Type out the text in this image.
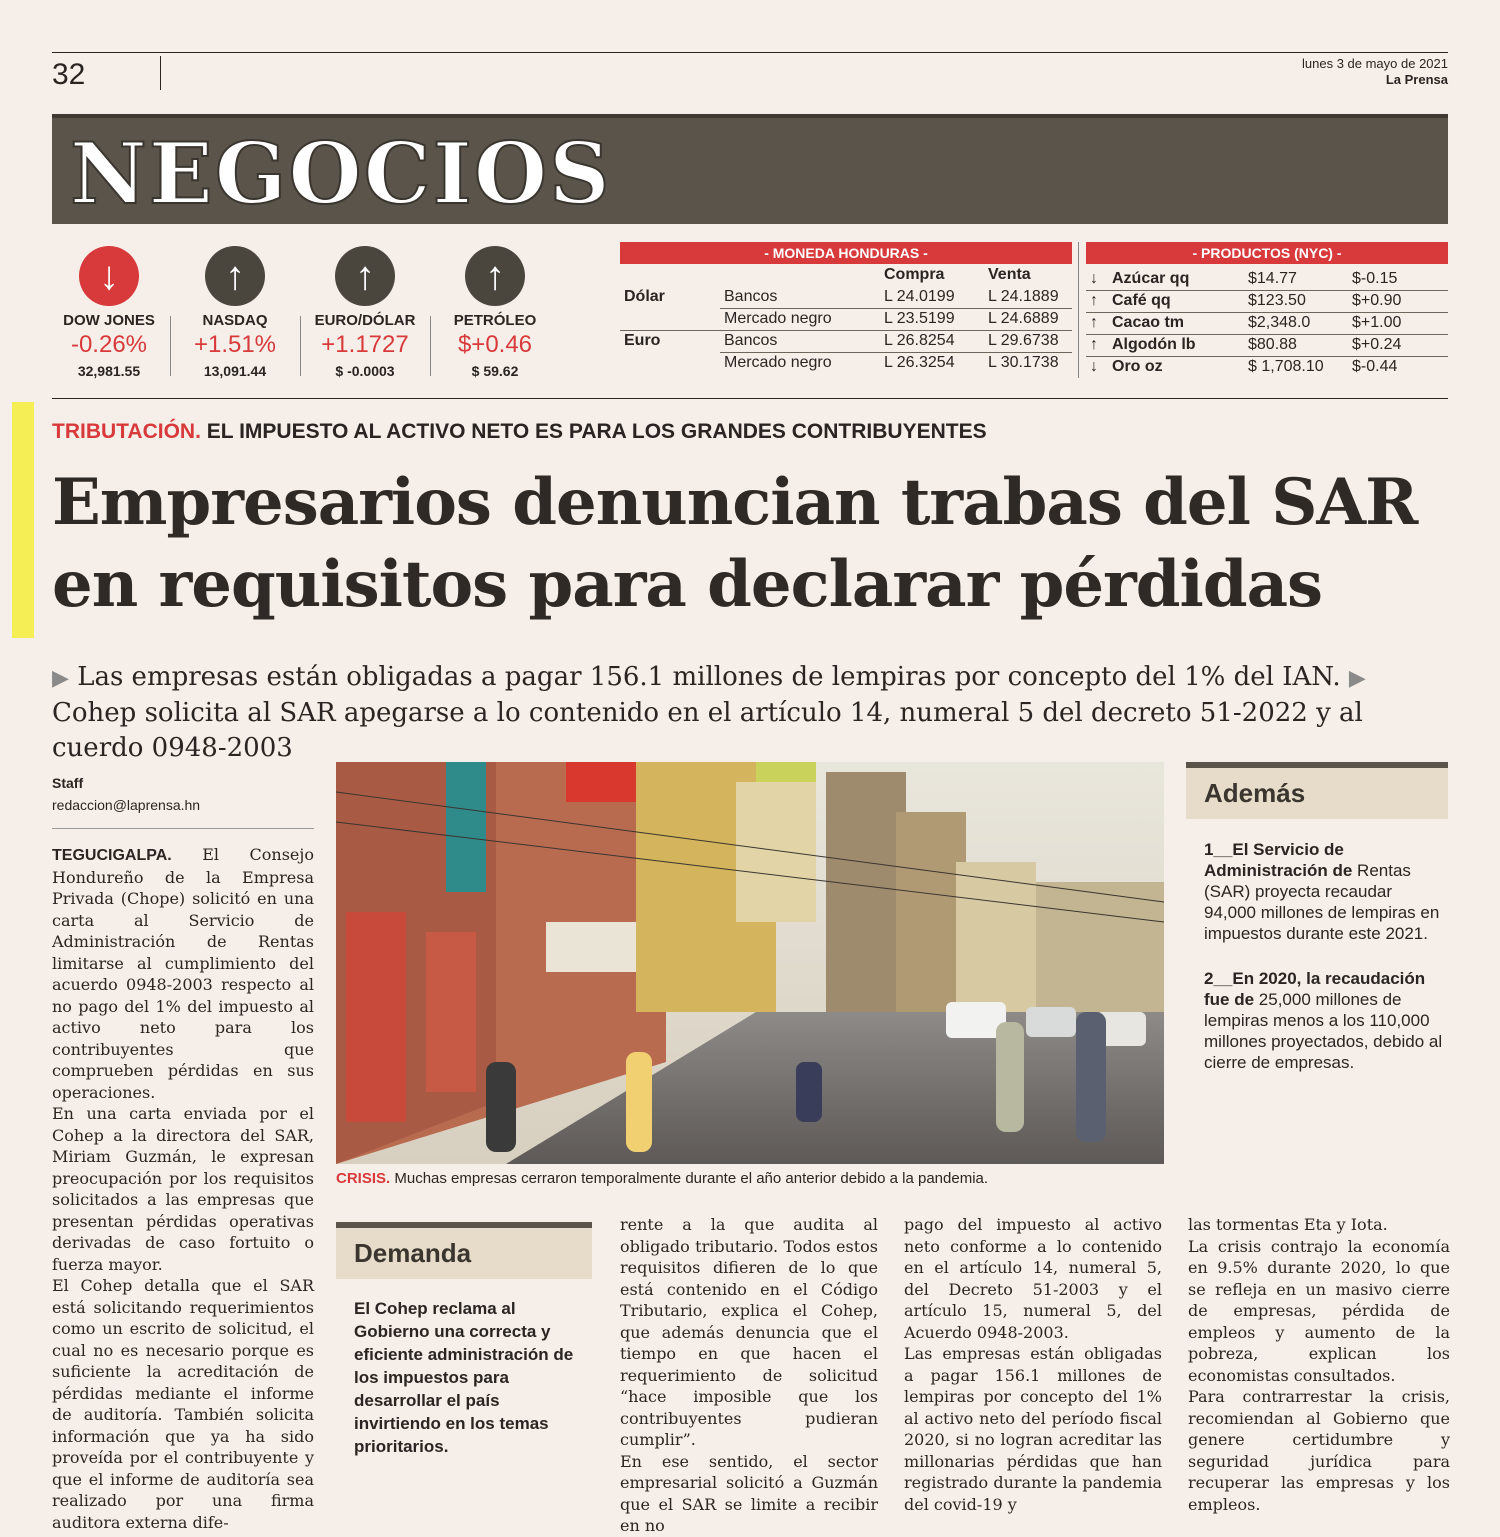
32	lunes 3 de mayo de 2021
La Prensa
NEGOCIOS
↓
DOW JONES
-0.26%
32,981.55
↑
NASDAQ
+1.51%
13,091.44
↑
EURO/DÓLAR
+1.1727
$ -0.0003
↑
PETRÓLEO
$+0.46
$ 59.62
- MONEDA HONDURAS -
		Compra	Venta
Dólar	Bancos	L 24.0199	L 24.1889
	Mercado negro	L 23.5199	L 24.6889
Euro	Bancos	L 26.8254	L 29.6738
	Mercado negro	L 26.3254	L 30.1738
- PRODUCTOS (NYC) -
↓	Azúcar qq	$14.77	$-0.15
↑	Café qq	$123.50	$+0.90
↑	Cacao tm	$2,348.0	$+1.00
↑	Algodón lb	$80.88	$+0.24
↓	Oro oz	$ 1,708.10	$-0.44
TRIBUTACIÓN. EL IMPUESTO AL ACTIVO NETO ES PARA LOS GRANDES CONTRIBUYENTES
Empresarios denuncian trabas del SAR
en requisitos para declarar pérdidas
▶ Las empresas están obligadas a pagar 156.1 millones de lempiras por concepto del 1% del IAN. ▶ Cohep solicita al SAR apegarse a lo contenido en el artículo 14, numeral 5 del decreto 51-2022 y al cuerdo 0948-2003
Staff
redaccion@laprensa.hn

TEGUCIGALPA. El Consejo Hondureño de la Empresa Privada (Chope) solicitó en una carta al Servicio de Administración de Rentas limitarse al cumplimiento del acuerdo 0948-2003 respecto al no pago del 1% del impuesto al activo neto para los contribuyentes que comprueben pérdidas en sus operaciones.

En una carta enviada por el Cohep a la directora del SAR, Miriam Guzmán, le expresan preocupación por los requisitos solicitados a las empresas que presentan pérdidas operativas derivadas de caso fortuito o fuerza mayor.

El Cohep detalla que el SAR está solicitando requerimientos como un escrito de solicitud, el cual no es necesario porque es suficiente la acreditación de pérdidas mediante el informe de auditoría. También solicita información que ya ha sido proveída por el contribuyente y que el informe de auditoría sea realizado por una firma auditora externa dife-

CRISIS. Muchas empresas cerraron temporalmente durante el año anterior debido a la pandemia.
Demanda
El Cohep reclama al Gobierno una correcta y eficiente administración de los impuestos para desarrollar el país invirtiendo en los temas prioritarios.

rente a la que audita al obligado tributario. Todos estos requisitos difieren de lo que está contenido en el Código Tributario, explica el Cohep, que además denuncia que el tiempo en que hacen el requerimiento de solicitud “hace imposible que los contribuyentes pudieran cumplir”.

En ese sentido, el sector empresarial solicitó a Guzmán que el SAR se limite a recibir en no

pago del impuesto al activo neto conforme a lo contenido en el artículo 14, numeral 5, del Decreto 51-2003 y el artículo 15, numeral 5, del Acuerdo 0948-2003.

Las empresas están obligadas a pagar 156.1 millones de lempiras por concepto del 1% al activo neto del período fiscal 2020, si no logran acreditar las millonarias pérdidas que han registrado durante la pandemia del covid-19 y

las tormentas Eta y Iota.

La crisis contrajo la economía en 9.5% durante 2020, lo que se refleja en un masivo cierre de empresas, pérdida de empleos y aumento de la pobreza, explican los economistas consultados.

Para contrarrestar la crisis, recomiendan al Gobierno que genere certidumbre y seguridad jurídica para recuperar las empresas y los empleos.

Además
1__El Servicio de Administración de Rentas (SAR) proyecta recaudar 94,000 millones de lempiras en impuestos durante este 2021.
2__En 2020, la recaudación fue de 25,000 millones de lempiras menos a los 110,000 millones proyectados, debido al cierre de empresas.
